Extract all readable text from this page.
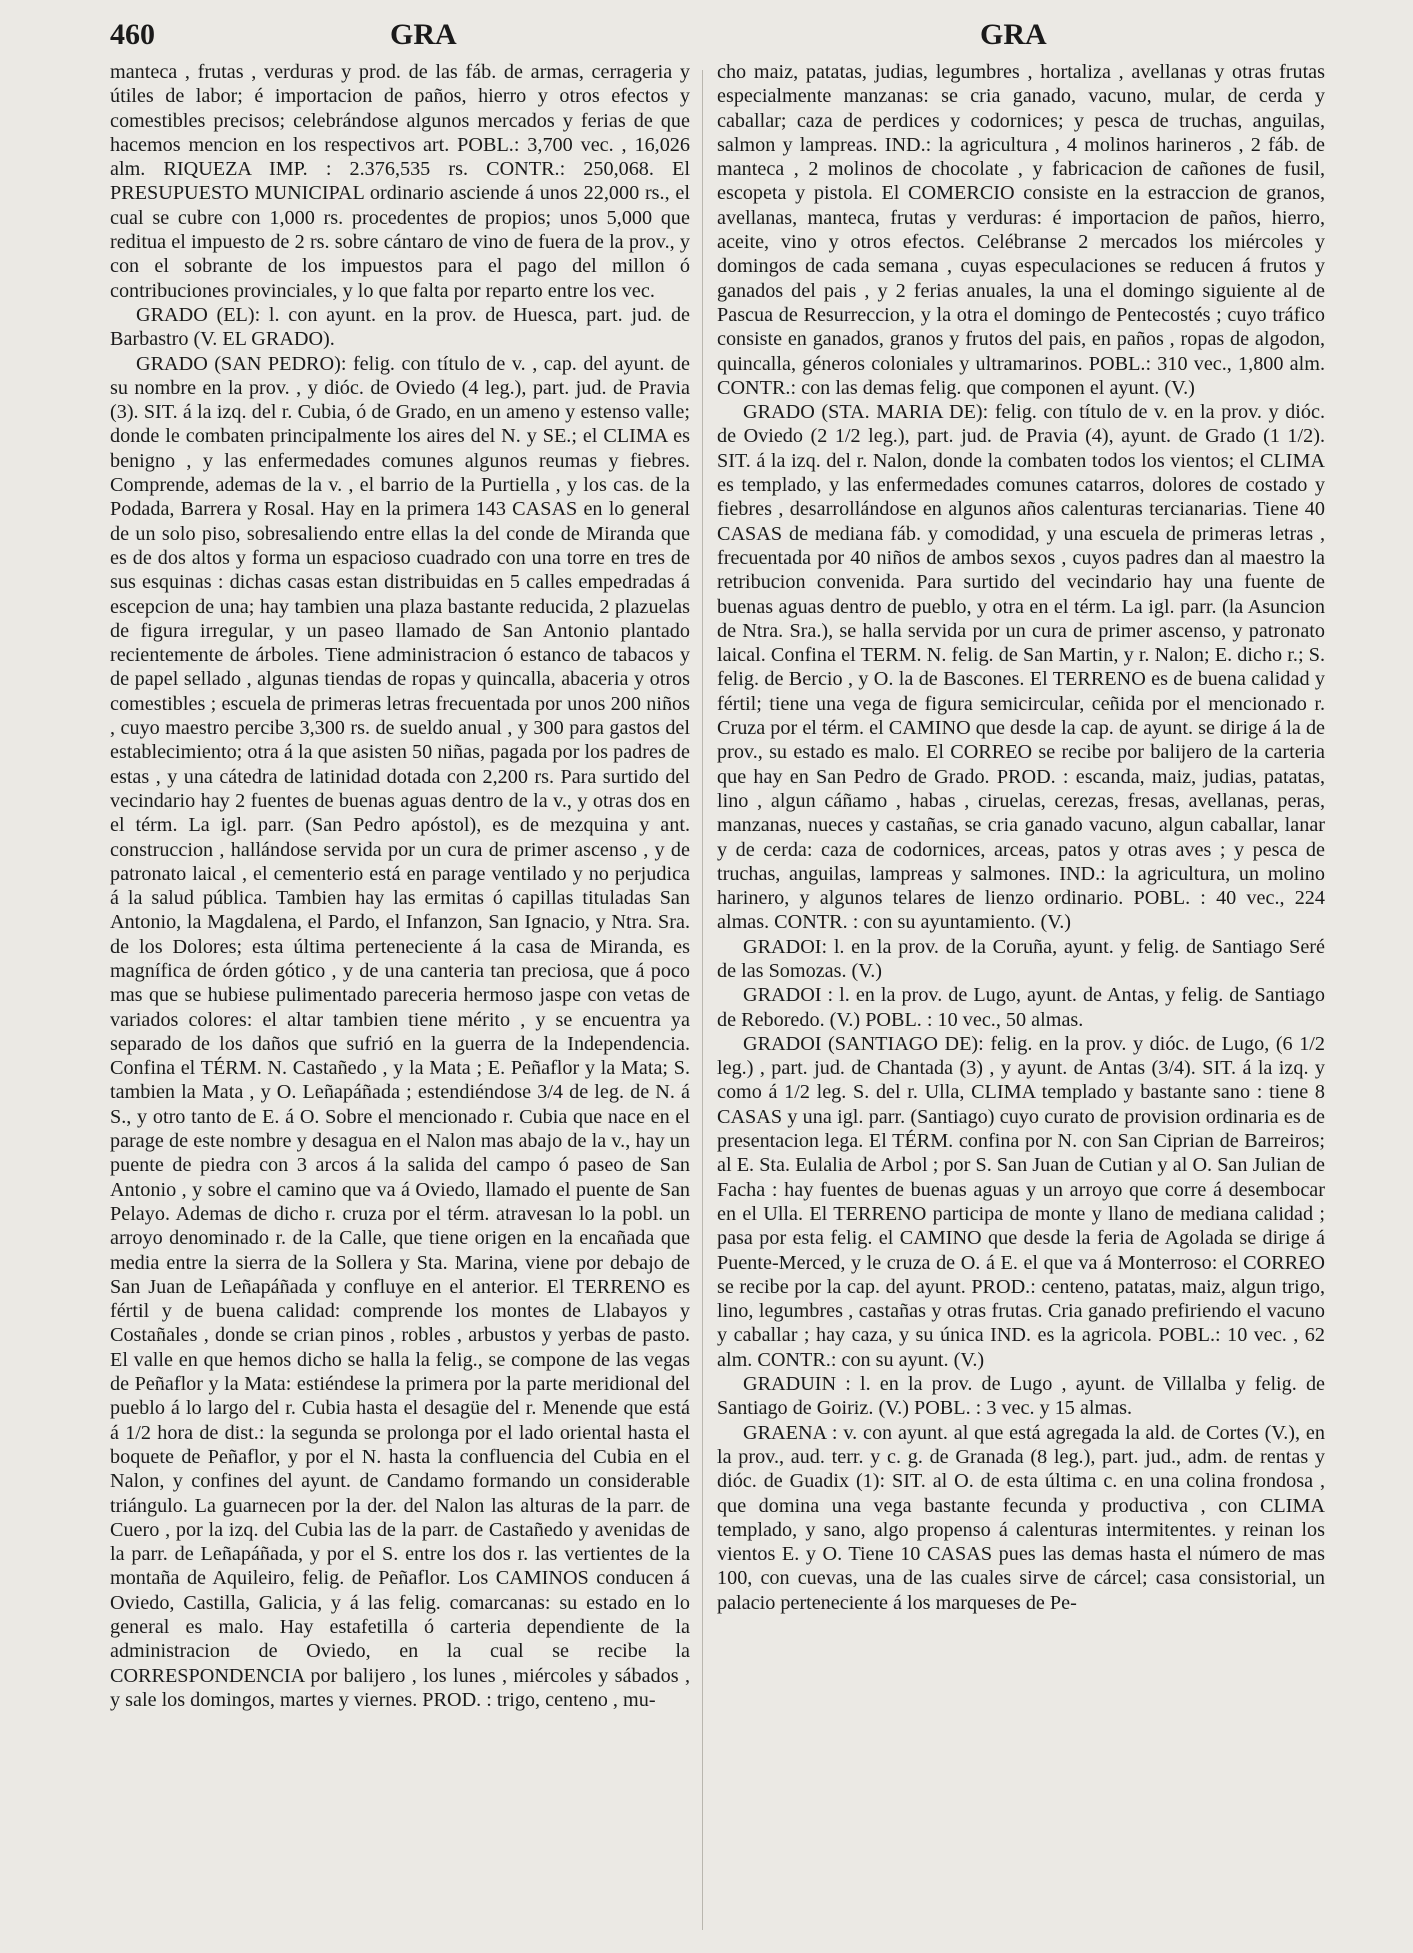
460	GRA	GRA

manteca , frutas , verduras y prod. de las fáb. de armas, cerrageria y útiles de labor; é importacion de paños, hierro y otros efectos y comestibles precisos; celebrándose algunos mercados y ferias de que hacemos mencion en los respectivos art. POBL.: 3,700 vec. , 16,026 alm. RIQUEZA IMP. : 2.376,535 rs. CONTR.: 250,068. El PRESUPUESTO MUNICIPAL ordinario asciende á unos 22,000 rs., el cual se cubre con 1,000 rs. procedentes de propios; unos 5,000 que reditua el impuesto de 2 rs. sobre cántaro de vino de fuera de la prov., y con el sobrante de los impuestos para el pago del millon ó contribuciones provinciales, y lo que falta por reparto entre los vec.

GRADO (EL): l. con ayunt. en la prov. de Huesca, part. jud. de Barbastro (V. EL GRADO).

GRADO (SAN PEDRO): felig. con título de v. , cap. del ayunt. de su nombre en la prov. , y dióc. de Oviedo (4 leg.), part. jud. de Pravia (3). SIT. á la izq. del r. Cubia, ó de Grado, en un ameno y estenso valle; donde le combaten principalmente los aires del N. y SE.; el CLIMA es benigno , y las enfermedades comunes algunos reumas y fiebres. Comprende, ademas de la v. , el barrio de la Purtiella , y los cas. de la Podada, Barrera y Rosal. Hay en la primera 143 CASAS en lo general de un solo piso, sobresaliendo entre ellas la del conde de Miranda que es de dos altos y forma un espacioso cuadrado con una torre en tres de sus esquinas : dichas casas estan distribuidas en 5 calles empedradas á escepcion de una; hay tambien una plaza bastante reducida, 2 plazuelas de figura irregular, y un paseo llamado de San Antonio plantado recientemente de árboles. Tiene administracion ó estanco de tabacos y de papel sellado , algunas tiendas de ropas y quincalla, abaceria y otros comestibles ; escuela de primeras letras frecuentada por unos 200 niños , cuyo maestro percibe 3,300 rs. de sueldo anual , y 300 para gastos del establecimiento; otra á la que asisten 50 niñas, pagada por los padres de estas , y una cátedra de latinidad dotada con 2,200 rs. Para surtido del vecindario hay 2 fuentes de buenas aguas dentro de la v., y otras dos en el térm. La igl. parr. (San Pedro apóstol), es de mezquina y ant. construccion , hallándose servida por un cura de primer ascenso , y de patronato laical , el cementerio está en parage ventilado y no perjudica á la salud pública. Tambien hay las ermitas ó capillas tituladas San Antonio, la Magdalena, el Pardo, el Infanzon, San Ignacio, y Ntra. Sra. de los Dolores; esta última perteneciente á la casa de Miranda, es magnífica de órden gótico , y de una canteria tan preciosa, que á poco mas que se hubiese pulimentado pareceria hermoso jaspe con vetas de variados colores: el altar tambien tiene mérito , y se encuentra ya separado de los daños que sufrió en la guerra de la Independencia. Confina el TÉRM. N. Castañedo , y la Mata ; E. Peñaflor y la Mata; S. tambien la Mata , y O. Leñapáñada ; estendiéndose 3/4 de leg. de N. á S., y otro tanto de E. á O. Sobre el mencionado r. Cubia que nace en el parage de este nombre y desagua en el Nalon mas abajo de la v., hay un puente de piedra con 3 arcos á la salida del campo ó paseo de San Antonio , y sobre el camino que va á Oviedo, llamado el puente de San Pelayo. Ademas de dicho r. cruza por el térm. atravesan lo la pobl. un arroyo denominado r. de la Calle, que tiene origen en la encañada que media entre la sierra de la Sollera y Sta. Marina, viene por debajo de San Juan de Leñapáñada y confluye en el anterior. El TERRENO es fértil y de buena calidad: comprende los montes de Llabayos y Costañales , donde se crian pinos , robles , arbustos y yerbas de pasto. El valle en que hemos dicho se halla la felig., se compone de las vegas de Peñaflor y la Mata: estiéndese la primera por la parte meridional del pueblo á lo largo del r. Cubia hasta el desagüe del r. Menende que está á 1/2 hora de dist.: la segunda se prolonga por el lado oriental hasta el boquete de Peñaflor, y por el N. hasta la confluencia del Cubia en el Nalon, y confines del ayunt. de Candamo formando un considerable triángulo. La guarnecen por la der. del Nalon las alturas de la parr. de Cuero , por la izq. del Cubia las de la parr. de Castañedo y avenidas de la parr. de Leñapáñada, y por el S. entre los dos r. las vertientes de la montaña de Aquileiro, felig. de Peñaflor. Los CAMINOS conducen á Oviedo, Castilla, Galicia, y á las felig. comarcanas: su estado en lo general es malo. Hay estafetilla ó carteria dependiente de la administracion de Oviedo, en la cual se recibe la CORRESPONDENCIA por balijero , los lunes , miércoles y sábados , y sale los domingos, martes y viernes. PROD. : trigo, centeno , mu-

cho maiz, patatas, judias, legumbres , hortaliza , avellanas y otras frutas especialmente manzanas: se cria ganado, vacuno, mular, de cerda y caballar; caza de perdices y codornices; y pesca de truchas, anguilas, salmon y lampreas. IND.: la agricultura , 4 molinos harineros , 2 fáb. de manteca , 2 molinos de chocolate , y fabricacion de cañones de fusil, escopeta y pistola. El COMERCIO consiste en la estraccion de granos, avellanas, manteca, frutas y verduras: é importacion de paños, hierro, aceite, vino y otros efectos. Celébranse 2 mercados los miércoles y domingos de cada semana , cuyas especulaciones se reducen á frutos y ganados del pais , y 2 ferias anuales, la una el domingo siguiente al de Pascua de Resurreccion, y la otra el domingo de Pentecostés ; cuyo tráfico consiste en ganados, granos y frutos del pais, en paños , ropas de algodon, quincalla, géneros coloniales y ultramarinos. POBL.: 310 vec., 1,800 alm. CONTR.: con las demas felig. que componen el ayunt. (V.)

GRADO (STA. MARIA DE): felig. con título de v. en la prov. y dióc. de Oviedo (2 1/2 leg.), part. jud. de Pravia (4), ayunt. de Grado (1 1/2). SIT. á la izq. del r. Nalon, donde la combaten todos los vientos; el CLIMA es templado, y las enfermedades comunes catarros, dolores de costado y fiebres , desarrollándose en algunos años calenturas tercianarias. Tiene 40 CASAS de mediana fáb. y comodidad, y una escuela de primeras letras , frecuentada por 40 niños de ambos sexos , cuyos padres dan al maestro la retribucion convenida. Para surtido del vecindario hay una fuente de buenas aguas dentro de pueblo, y otra en el térm. La igl. parr. (la Asuncion de Ntra. Sra.), se halla servida por un cura de primer ascenso, y patronato laical. Confina el TERM. N. felig. de San Martin, y r. Nalon; E. dicho r.; S. felig. de Bercio , y O. la de Bascones. El TERRENO es de buena calidad y fértil; tiene una vega de figura semicircular, ceñida por el mencionado r. Cruza por el térm. el CAMINO que desde la cap. de ayunt. se dirige á la de prov., su estado es malo. El CORREO se recibe por balijero de la carteria que hay en San Pedro de Grado. PROD. : escanda, maiz, judias, patatas, lino , algun cáñamo , habas , ciruelas, cerezas, fresas, avellanas, peras, manzanas, nueces y castañas, se cria ganado vacuno, algun caballar, lanar y de cerda: caza de codornices, arceas, patos y otras aves ; y pesca de truchas, anguilas, lampreas y salmones. IND.: la agricultura, un molino harinero, y algunos telares de lienzo ordinario. POBL. : 40 vec., 224 almas. CONTR. : con su ayuntamiento. (V.)

GRADOI: l. en la prov. de la Coruña, ayunt. y felig. de Santiago Seré de las Somozas. (V.)

GRADOI : l. en la prov. de Lugo, ayunt. de Antas, y felig. de Santiago de Reboredo. (V.) POBL. : 10 vec., 50 almas.

GRADOI (SANTIAGO DE): felig. en la prov. y dióc. de Lugo, (6 1/2 leg.) , part. jud. de Chantada (3) , y ayunt. de Antas (3/4). SIT. á la izq. y como á 1/2 leg. S. del r. Ulla, CLIMA templado y bastante sano : tiene 8 CASAS y una igl. parr. (Santiago) cuyo curato de provision ordinaria es de presentacion lega. El TÉRM. confina por N. con San Ciprian de Barreiros; al E. Sta. Eulalia de Arbol ; por S. San Juan de Cutian y al O. San Julian de Facha : hay fuentes de buenas aguas y un arroyo que corre á desembocar en el Ulla. El TERRENO participa de monte y llano de mediana calidad ; pasa por esta felig. el CAMINO que desde la feria de Agolada se dirige á Puente-Merced, y le cruza de O. á E. el que va á Monterroso: el CORREO se recibe por la cap. del ayunt. PROD.: centeno, patatas, maiz, algun trigo, lino, legumbres , castañas y otras frutas. Cria ganado prefiriendo el vacuno y caballar ; hay caza, y su única IND. es la agricola. POBL.: 10 vec. , 62 alm. CONTR.: con su ayunt. (V.)

GRADUIN : l. en la prov. de Lugo , ayunt. de Villalba y felig. de Santiago de Goiriz. (V.) POBL. : 3 vec. y 15 almas.

GRAENA : v. con ayunt. al que está agregada la ald. de Cortes (V.), en la prov., aud. terr. y c. g. de Granada (8 leg.), part. jud., adm. de rentas y dióc. de Guadix (1): SIT. al O. de esta última c. en una colina frondosa , que domina una vega bastante fecunda y productiva , con CLIMA templado, y sano, algo propenso á calenturas intermitentes. y reinan los vientos E. y O. Tiene 10 CASAS pues las demas hasta el número de mas 100, con cuevas, una de las cuales sirve de cárcel; casa consistorial, un palacio perteneciente á los marqueses de Pe-
